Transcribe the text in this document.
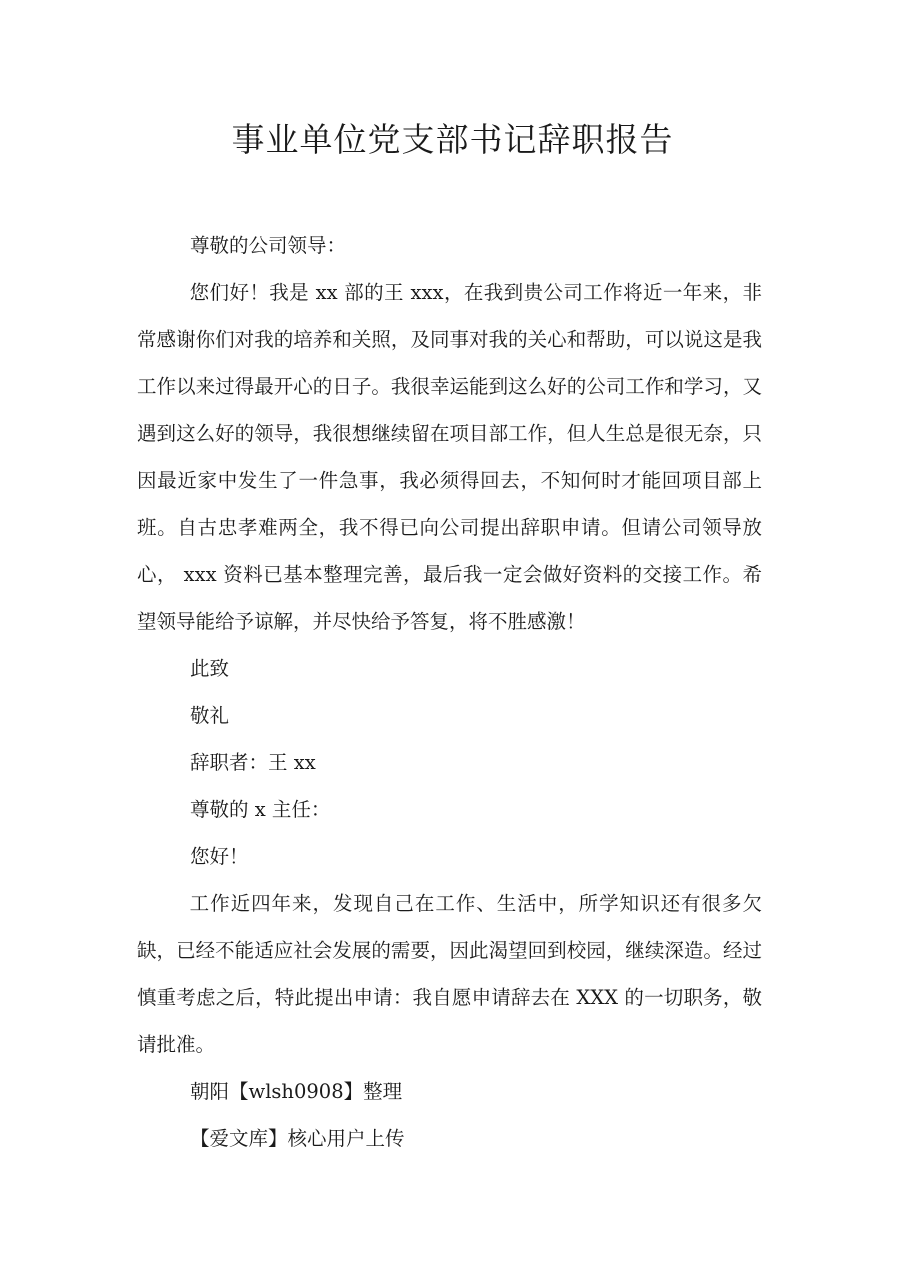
事业单位党支部书记辞职报告

尊敬的公司领导：

您们好！我是 xx 部的王 xxx，在我到贵公司工作将近一年来，非常感谢你们对我的培养和关照，及同事对我的关心和帮助，可以说这是我工作以来过得最开心的日子。我很幸运能到这么好的公司工作和学习，又遇到这么好的领导，我很想继续留在项目部工作，但人生总是很无奈，只因最近家中发生了一件急事，我必须得回去，不知何时才能回项目部上班。自古忠孝难两全，我不得已向公司提出辞职申请。但请公司领导放心， xxx 资料已基本整理完善，最后我一定会做好资料的交接工作。希望领导能给予谅解，并尽快给予答复，将不胜感激！

此致

敬礼

辞职者：王 xx

尊敬的 x 主任：

您好！

工作近四年来，发现自己在工作、生活中，所学知识还有很多欠缺，已经不能适应社会发展的需要，因此渴望回到校园，继续深造。经过慎重考虑之后，特此提出申请：我自愿申请辞去在 XXX 的一切职务，敬请批准。

朝阳【wlsh0908】整理

【爱文库】核心用户上传
